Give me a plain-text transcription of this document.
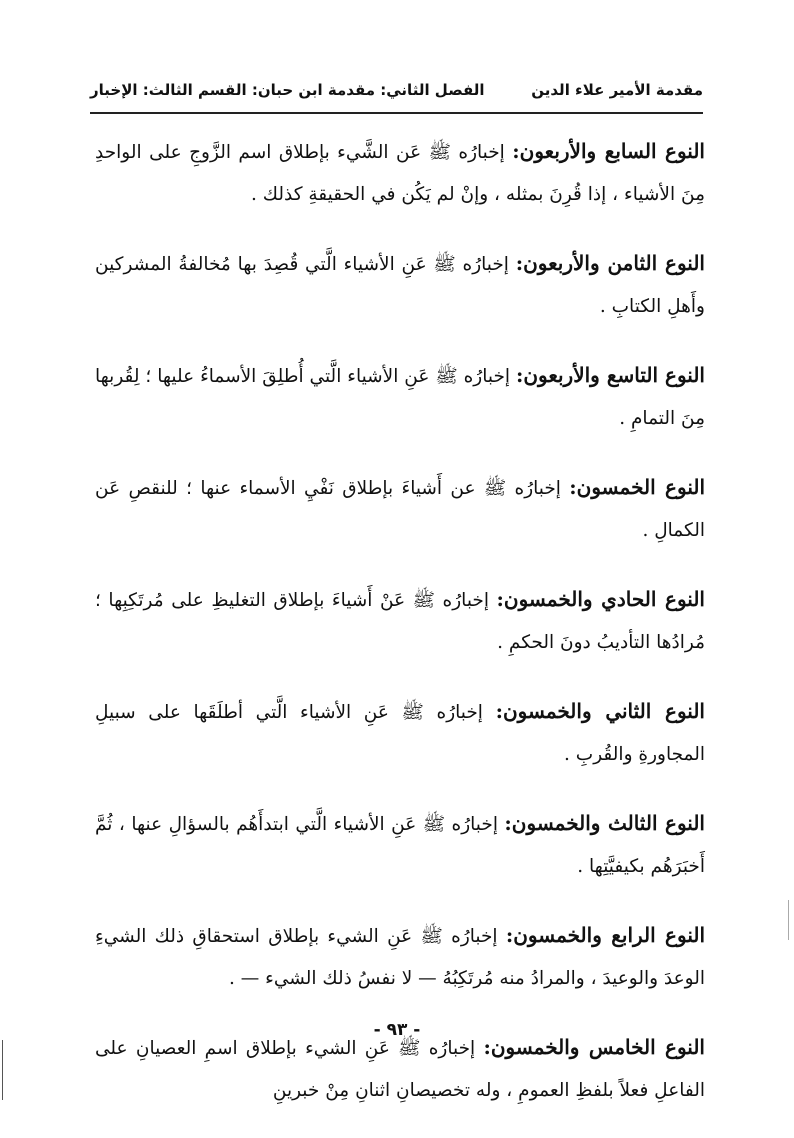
مقدمة الأمير علاء الدين
الفصل الثاني: مقدمة ابن حبان: القسم الثالث: الإخبار

النوع السابع والأربعون: إخبارُه ﷺ عَن الشَّيء بإطلاق اسم الزَّوجِ على الواحدِ مِنَ الأشياء ، إذا قُرِنَ بمثله ، وإنْ لم يَكُن في الحقيقةِ كذلك .

النوع الثامن والأربعون: إخبارُه ﷺ عَنِ الأشياء الَّتي قُصِدَ بها مُخالفةُ المشركين وأَهلِ الكتابِ .

النوع التاسع والأربعون: إخبارُه ﷺ عَنِ الأشياء الَّتي أُطلِقَ الأسماءُ عليها ؛ لِقُربها مِنَ التمامِ .

النوع الخمسون: إخبارُه ﷺ عن أَشياءَ بإطلاق نَفْيِ الأسماء عنها ؛ للنقصِ عَن الكمالِ .

النوع الحادي والخمسون: إخبارُه ﷺ عَنْ أَشياءَ بإطلاق التغليظِ على مُرتَكِبِها ؛ مُرادُها التأديبُ دونَ الحكمِ .

النوع الثاني والخمسون: إخبارُه ﷺ عَنِ الأشياء الَّتي أطلَقَها على سبيلِ المجاورةِ والقُربِ .

النوع الثالث والخمسون: إخبارُه ﷺ عَنِ الأشياء الَّتي ابتدأَهُم بالسؤالِ عنها ، ثُمَّ أَخبَرَهُم بكيفيَّتِها .

النوع الرابع والخمسون: إخبارُه ﷺ عَنِ الشيء بإطلاق استحقاقِ ذلك الشيءِ الوعدَ والوعيدَ ، والمرادُ منه مُرتَكِبُهُ — لا نفسُ ذلك الشيء — .

النوع الخامس والخمسون: إخبارُه ﷺ عَنِ الشيء بإطلاق اسمِ العصيانِ على الفاعلِ فعلاً بلفظِ العمومِ ، وله تخصيصانِ اثنانِ مِنْ خبرينِ

- ٩٣ -
